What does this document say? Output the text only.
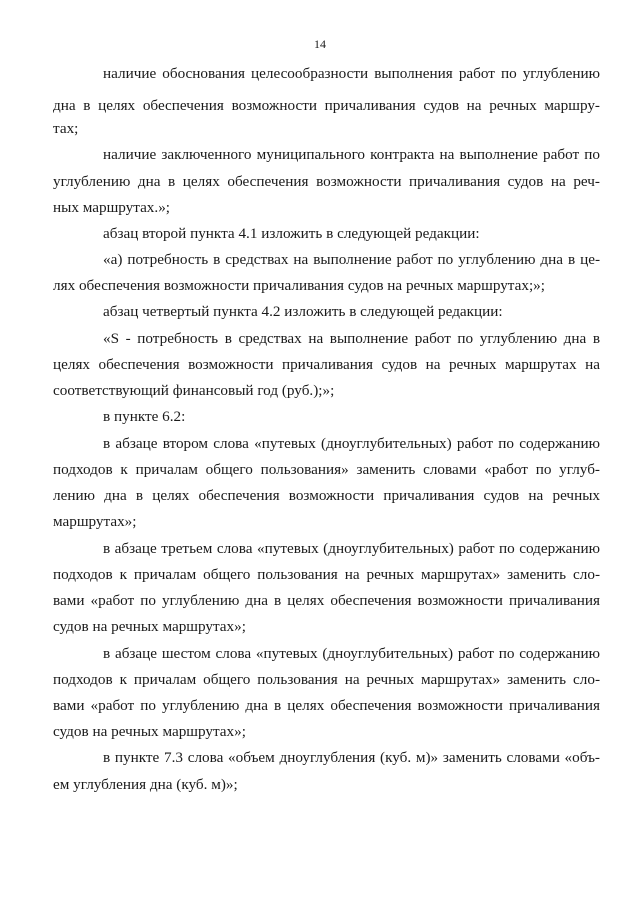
14

наличие обоснования целесообразности выполнения работ по углублению

дна в целях обеспечения возможности причаливания судов на речных маршру-

тах;

наличие заключенного муниципального контракта на выполнение работ по

углублению дна в целях обеспечения возможности причаливания судов на реч-

ных маршрутах.»;

абзац второй пункта 4.1 изложить в следующей редакции:

«а) потребность в средствах на выполнение работ по углублению дна в це-

лях обеспечения возможности причаливания судов на речных маршрутах;»;

абзац четвертый пункта 4.2 изложить в следующей редакции:

«S - потребность в средствах на выполнение работ по углублению дна в

целях обеспечения возможности причаливания судов на речных маршрутах на

соответствующий финансовый год (руб.);»;

в пункте 6.2:

в абзаце втором слова «путевых (дноуглубительных) работ по содержанию

подходов к причалам общего пользования» заменить словами «работ по углуб-

лению дна в целях обеспечения возможности причаливания судов на речных

маршрутах»;

в абзаце третьем слова «путевых (дноуглубительных) работ по содержанию

подходов к причалам общего пользования на речных маршрутах» заменить сло-

вами «работ по углублению дна в целях обеспечения возможности причаливания

судов на речных маршрутах»;

в абзаце шестом слова «путевых (дноуглубительных) работ по содержанию

подходов к причалам общего пользования на речных маршрутах» заменить сло-

вами «работ по углублению дна в целях обеспечения возможности причаливания

судов на речных маршрутах»;

в пункте 7.3 слова «объем дноуглубления (куб. м)» заменить словами «объ-

ем углубления дна (куб. м)»;
